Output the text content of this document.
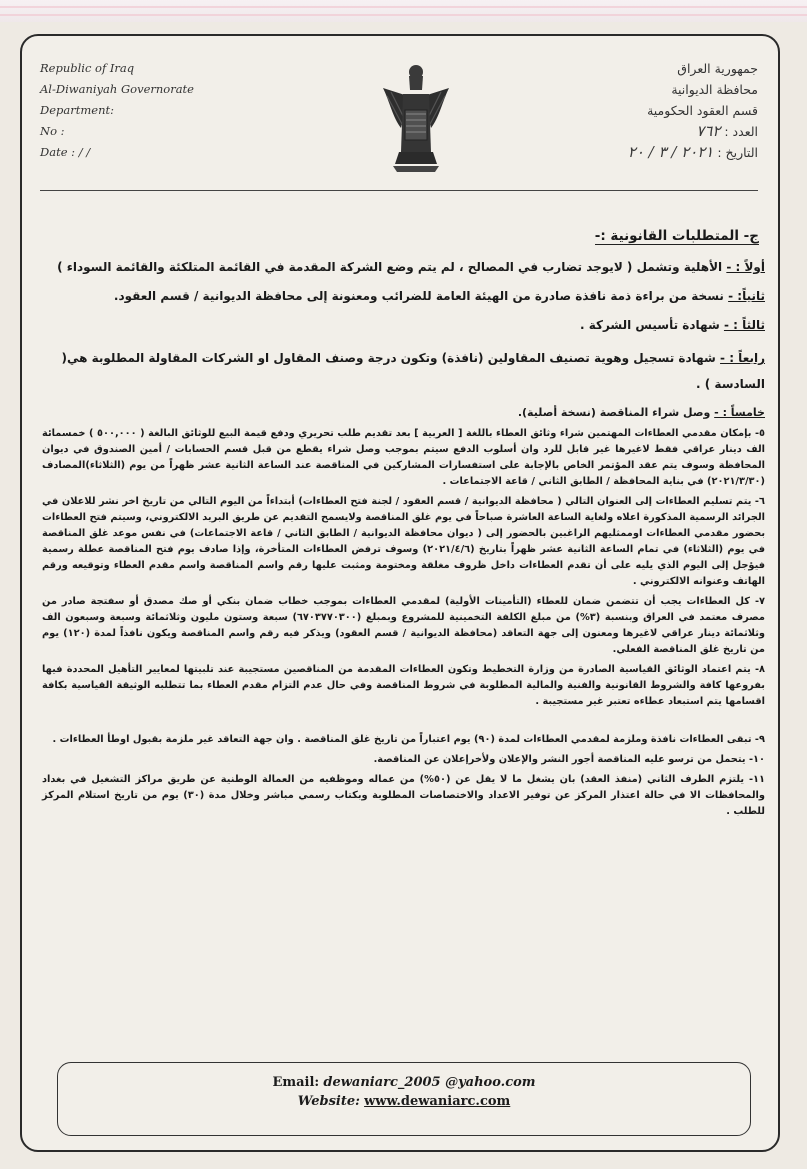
Republic of Iraq
Al-Diwaniyah Governorate
Department:
No :
Date : / /
جمهورية العراق
محافظة الديوانية
قسم العقود الحكومية
العدد : ٧٦٢
التاريخ : ٢٠٢١ / ٣ / ٢٠
ج- المتطلبات القانونية :-
أولاً : - الأهلية وتشمل ( لايوجد تضارب في المصالح ، لم يتم وضع الشركة المقدمة في القائمة المتلكئة والقائمة السوداء )
ثانياً: - نسخة من براءة ذمة نافذة صادرة من الهيئة العامة للضرائب ومعنونة إلى محافظة الديوانية / قسم العقود.
ثالثاً : - شهادة تأسيس الشركة .
رابعاً : - شهادة تسجيل وهوية تصنيف المقاولين (نافذة) وتكون درجة وصنف المقاول او الشركات المقاولة المطلوبة هي( السادسة ) .
خامساً : - وصل شراء المناقصة (نسخة أصلية).
٥- بإمكان مقدمي العطاءات المهتمين شراء وثائق العطاء باللغة [ العربية ] بعد تقديم طلب تحريري ودفع قيمة البيع للوثائق البالغة ( ٥٠٠,٠٠٠ ) خمسمائة الف دينار عراقي فقط لاغيرها غير قابل للرد وان أسلوب الدفع سيتم بموجب وصل شراء يقطع من قبل قسم الحسابات / أمين الصندوق في ديوان المحافظة وسوف يتم عقد المؤتمر الخاص بالإجابة على استفسارات المشاركين في المناقصة عند الساعة الثانية عشر ظهراً من يوم (الثلاثاء)المصادف (٢٠٢١/٣/٣٠) في بناية المحافظة / الطابق الثاني / قاعة الاجتماعات .
٦- يتم تسليم العطاءات إلى العنوان التالي ( محافظة الديوانية / قسم العقود / لجنة فتح العطاءات) أبتداءاً من اليوم التالي من تاريخ اخر نشر للاعلان في الجرائد الرسمية المذكورة اعلاه ولغاية الساعة العاشرة صباحاً في يوم غلق المناقصة ولايسمح التقديم عن طريق البريد الالكتروني، وسيتم فتح العطاءات بحضور مقدمي العطاءات اوممثليهم الراغبين بالحضور إلى ( ديوان محافظة الديوانية / الطابق الثاني / قاعة الاجتماعات) في نفس موعد غلق المناقصة في يوم (الثلاثاء) في تمام الساعة الثانية عشر ظهراً بتاريخ (٢٠٢١/٤/٦) وسوف ترفض العطاءات المتأخرة، وإذا صادف يوم فتح المناقصة عطلة رسمية فيؤجل إلى اليوم الذي يليه على أن تقدم العطاءات داخل ظروف مغلقة ومختومة ومثبت عليها رقم واسم المناقصة واسم مقدم العطاء وتوقيعه ورقم الهاتف وعنوانه الالكتروني .
٧- كل العطاءات يجب أن تتضمن ضمان للعطاء (التأمينات الأولية) لمقدمي العطاءات بموجب خطاب ضمان بنكي أو صك مصدق أو سفتجة صادر من مصرف معتمد في العراق وبنسبة (٣%) من مبلغ الكلفة التخمينية للمشروع وبمبلغ (٦٧٠٣٧٧٠٣٠٠) سبعة وستون مليون وثلاثمائة وسبعة وسبعون الف وثلاثمائة دينار عراقي لاغيرها ومعنون إلى جهة التعاقد (محافظة الديوانية / قسم العقود) ويذكر فيه رقم واسم المناقصة ويكون نافذاً لمدة (١٢٠) يوم من تاريخ غلق المناقصة الفعلي.
٨- يتم اعتماد الوثائق القياسية الصادرة من وزارة التخطيط وتكون العطاءات المقدمة من المناقصين مستجيبة عند تلبيتها لمعايير التأهيل المحددة فيها بفروعها كافة والشروط القانونية والفنية والمالية المطلوبة في شروط المناقصة وفي حال عدم التزام مقدم العطاء بما تتطلبه الوثيقة القياسية بكافة اقسامها يتم استبعاد عطاءه تعتبر غير مستجيبة .
٩- تبقى العطاءات نافذة وملزمة لمقدمي العطاءات لمدة (٩٠) يوم اعتباراً من تاريخ غلق المناقصة . وان جهة التعاقد غير ملزمة بقبول اوطأ العطاءات .
١٠- يتحمل من ترسو عليه المناقصة أجور النشر والإعلان ولأخرإعلان عن المناقصة.
١١- يلتزم الطرف الثاني (منفذ العقد) بان يشغل ما لا يقل عن (٥٠%) من عماله وموظفيه من العمالة الوطنية عن طريق مراكز التشغيل في بغداد والمحافظات الا في حالة اعتذار المركز عن توفير الاعداد والاختصاصات المطلوبة وبكتاب رسمي مباشر وخلال مدة (٣٠) يوم من تاريخ استلام المركز للطلب .
Email: dewaniarc_2005 @yahoo.com
Website: www.dewaniarc.com
